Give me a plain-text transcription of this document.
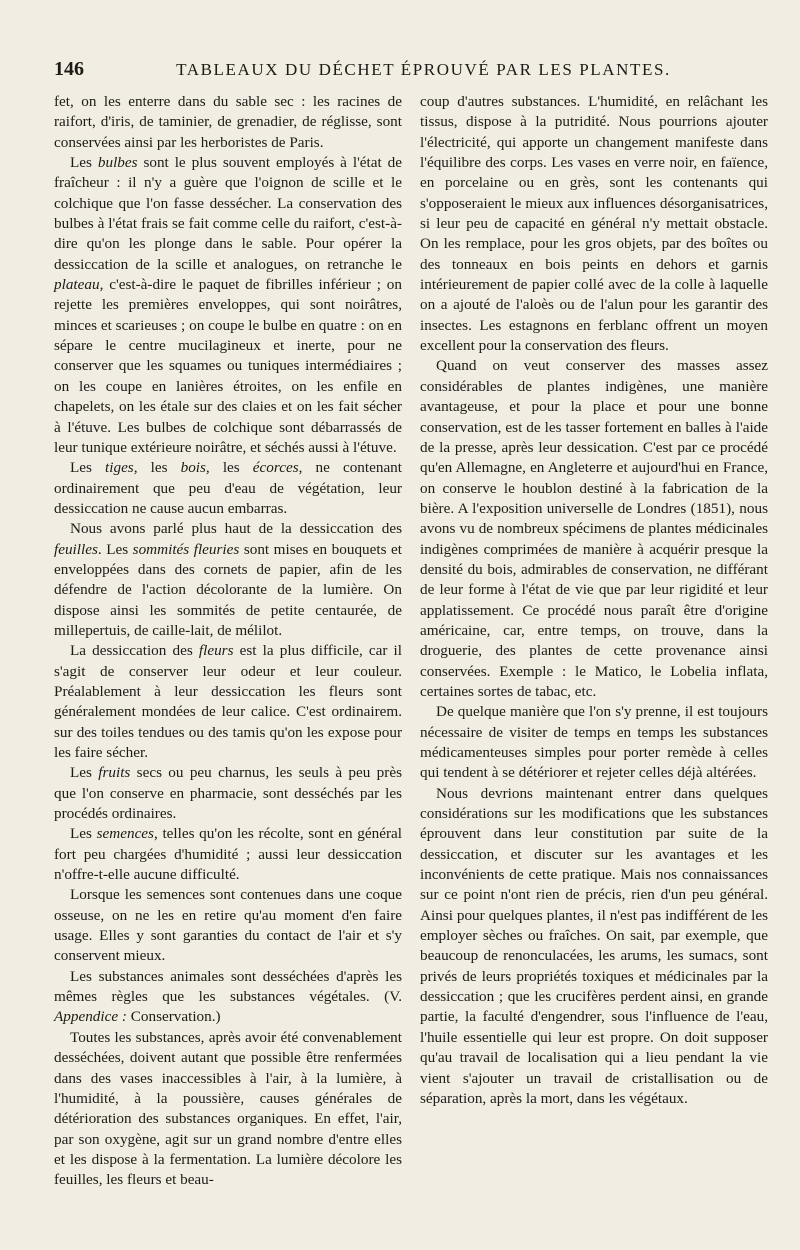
146	TABLEAUX DU DÉCHET ÉPROUVÉ PAR LES PLANTES.

fet, on les enterre dans du sable sec : les racines de raifort, d'iris, de taminier, de grenadier, de réglisse, sont conservées ainsi par les herboristes de Paris.

Les bulbes sont le plus souvent employés à l'état de fraîcheur : il n'y a guère que l'oignon de scille et le colchique que l'on fasse dessécher. La conservation des bulbes à l'état frais se fait comme celle du raifort, c'est-à-dire qu'on les plonge dans le sable. Pour opérer la dessiccation de la scille et analogues, on retranche le plateau, c'est-à-dire le paquet de fibrilles inférieur ; on rejette les premières enveloppes, qui sont noirâtres, minces et scarieuses ; on coupe le bulbe en quatre : on en sépare le centre mucilagineux et inerte, pour ne conserver que les squames ou tuniques intermédiaires ; on les coupe en lanières étroites, on les enfile en chapelets, on les étale sur des claies et on les fait sécher à l'étuve. Les bulbes de colchique sont débarrassés de leur tunique extérieure noirâtre, et séchés aussi à l'étuve.

Les tiges, les bois, les écorces, ne contenant ordinairement que peu d'eau de végétation, leur dessiccation ne cause aucun embarras.

Nous avons parlé plus haut de la dessiccation des feuilles. Les sommités fleuries sont mises en bouquets et enveloppées dans des cornets de papier, afin de les défendre de l'action décolorante de la lumière. On dispose ainsi les sommités de petite centaurée, de millepertuis, de caille-lait, de mélilot.

La dessiccation des fleurs est la plus difficile, car il s'agit de conserver leur odeur et leur couleur. Préalablement à leur dessiccation les fleurs sont généralement mondées de leur calice. C'est ordinairem. sur des toiles tendues ou des tamis qu'on les expose pour les faire sécher.

Les fruits secs ou peu charnus, les seuls à peu près que l'on conserve en pharmacie, sont desséchés par les procédés ordinaires.

Les semences, telles qu'on les récolte, sont en général fort peu chargées d'humidité ; aussi leur dessiccation n'offre-t-elle aucune difficulté.

Lorsque les semences sont contenues dans une coque osseuse, on ne les en retire qu'au moment d'en faire usage. Elles y sont garanties du contact de l'air et s'y conservent mieux.

Les substances animales sont desséchées d'après les mêmes règles que les substances végétales. (V. Appendice : Conservation.)

Toutes les substances, après avoir été convenablement desséchées, doivent autant que possible être renfermées dans des vases inaccessibles à l'air, à la lumière, à l'humidité, à la poussière, causes générales de détérioration des substances organiques. En effet, l'air, par son oxygène, agit sur un grand nombre d'entre elles et les dispose à la fermentation. La lumière décolore les feuilles, les fleurs et beau-

coup d'autres substances. L'humidité, en relâchant les tissus, dispose à la putridité. Nous pourrions ajouter l'électricité, qui apporte un changement manifeste dans l'équilibre des corps. Les vases en verre noir, en faïence, en porcelaine ou en grès, sont les contenants qui s'opposeraient le mieux aux influences désorganisatrices, si leur peu de capacité en général n'y mettait obstacle. On les remplace, pour les gros objets, par des boîtes ou des tonneaux en bois peints en dehors et garnis intérieurement de papier collé avec de la colle à laquelle on a ajouté de l'aloès ou de l'alun pour les garantir des insectes. Les estagnons en ferblanc offrent un moyen excellent pour la conservation des fleurs.

Quand on veut conserver des masses assez considérables de plantes indigènes, une manière avantageuse, et pour la place et pour une bonne conservation, est de les tasser fortement en balles à l'aide de la presse, après leur dessication. C'est par ce procédé qu'en Allemagne, en Angleterre et aujourd'hui en France, on conserve le houblon destiné à la fabrication de la bière. A l'exposition universelle de Londres (1851), nous avons vu de nombreux spécimens de plantes médicinales indigènes comprimées de manière à acquérir presque la densité du bois, admirables de conservation, ne différant de leur forme à l'état de vie que par leur rigidité et leur applatissement. Ce procédé nous paraît être d'origine américaine, car, entre temps, on trouve, dans la droguerie, des plantes de cette provenance ainsi conservées. Exemple : le Matico, le Lobelia inflata, certaines sortes de tabac, etc.

De quelque manière que l'on s'y prenne, il est toujours nécessaire de visiter de temps en temps les substances médicamenteuses simples pour porter remède à celles qui tendent à se détériorer et rejeter celles déjà altérées.

Nous devrions maintenant entrer dans quelques considérations sur les modifications que les substances éprouvent dans leur constitution par suite de la dessiccation, et discuter sur les avantages et les inconvénients de cette pratique. Mais nos connaissances sur ce point n'ont rien de précis, rien d'un peu général. Ainsi pour quelques plantes, il n'est pas indifférent de les employer sèches ou fraîches. On sait, par exemple, que beaucoup de renonculacées, les arums, les sumacs, sont privés de leurs propriétés toxiques et médicinales par la dessiccation ; que les crucifères perdent ainsi, en grande partie, la faculté d'engendrer, sous l'influence de l'eau, l'huile essentielle qui leur est propre. On doit supposer qu'au travail de localisation qui a lieu pendant la vie vient s'ajouter un travail de cristallisation ou de séparation, après la mort, dans les végétaux.
